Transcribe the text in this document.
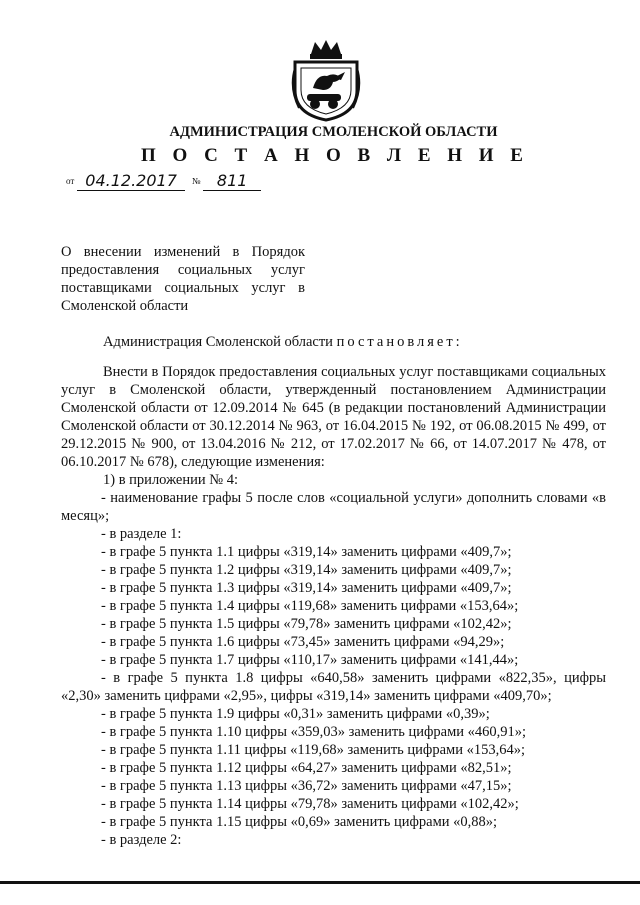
АДМИНИСТРАЦИЯ СМОЛЕНСКОЙ ОБЛАСТИ
П О С Т А Н О В Л Е Н И Е
от 04.12.2017 № 811
О внесении изменений в Порядок
предоставления социальных услуг
поставщиками социальных услуг в
Смоленской области
Администрация Смоленской области постановляет:
Внести в Порядок предоставления социальных услуг поставщиками социальных услуг в Смоленской области, утвержденный постановлением Администрации Смоленской области от 12.09.2014 № 645 (в редакции постановлений Администрации Смоленской области от 30.12.2014 № 963, от 16.04.2015 № 192, от 06.08.2015 № 499, от 29.12.2015 № 900, от 13.04.2016 № 212, от 17.02.2017 № 66, от 14.07.2017 № 478, от 06.10.2017 № 678), следующие изменения:
1) в приложении № 4:
- наименование графы 5 после слов «социальной услуги» дополнить словами «в месяц»;
- в разделе 1:
- в графе 5 пункта 1.1 цифры «319,14» заменить цифрами «409,7»;
- в графе 5 пункта 1.2 цифры «319,14» заменить цифрами «409,7»;
- в графе 5 пункта 1.3 цифры «319,14» заменить цифрами «409,7»;
- в графе 5 пункта 1.4 цифры «119,68» заменить цифрами «153,64»;
- в графе 5 пункта 1.5 цифры «79,78» заменить цифрами «102,42»;
- в графе 5 пункта 1.6 цифры «73,45» заменить цифрами «94,29»;
- в графе 5 пункта 1.7 цифры «110,17» заменить цифрами «141,44»;
- в графе 5 пункта 1.8 цифры «640,58» заменить цифрами «822,35», цифры «2,30» заменить цифрами «2,95», цифры «319,14» заменить цифрами «409,70»;
- в графе 5 пункта 1.9 цифры «0,31» заменить цифрами «0,39»;
- в графе 5 пункта 1.10 цифры «359,03» заменить цифрами «460,91»;
- в графе 5 пункта 1.11 цифры «119,68» заменить цифрами «153,64»;
- в графе 5 пункта 1.12 цифры «64,27» заменить цифрами «82,51»;
- в графе 5 пункта 1.13 цифры «36,72» заменить цифрами «47,15»;
- в графе 5 пункта 1.14 цифры «79,78» заменить цифрами «102,42»;
- в графе 5 пункта 1.15 цифры «0,69» заменить цифрами «0,88»;
- в разделе 2:
